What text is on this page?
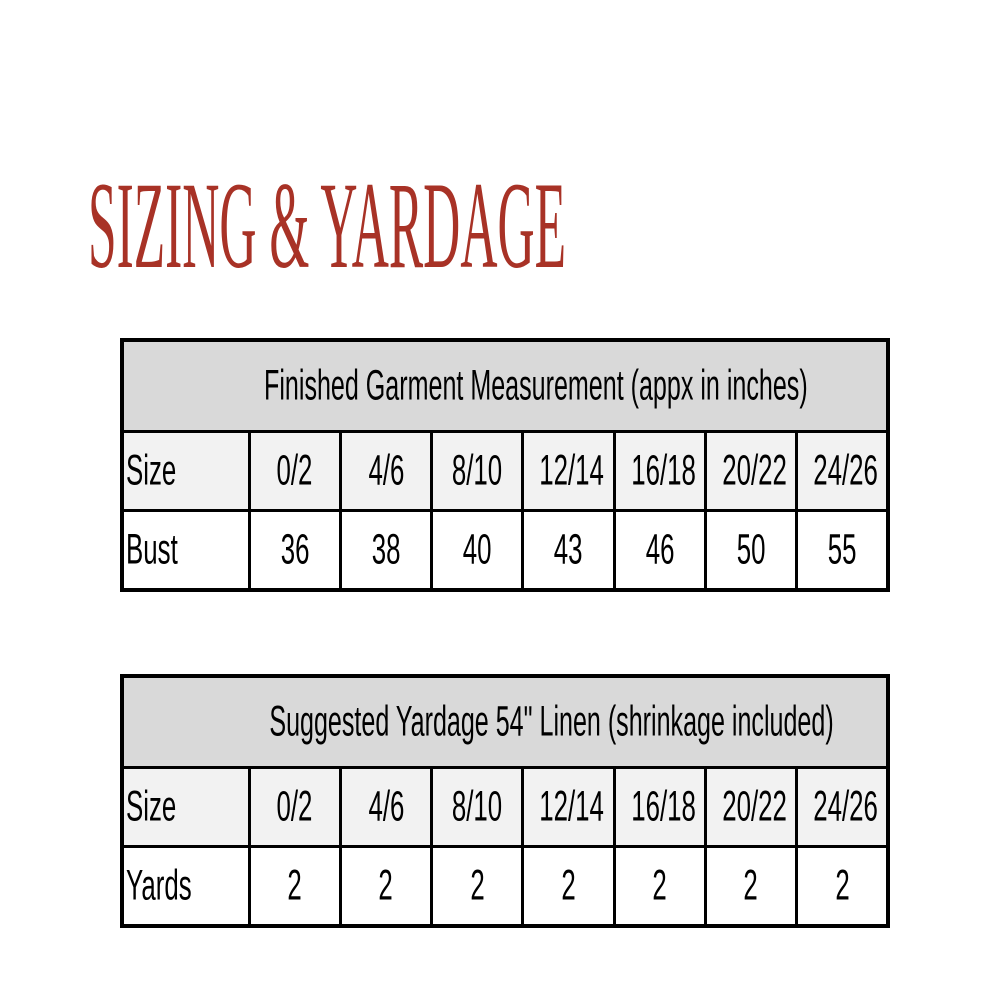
SIZING & YARDAGE
Finished Garment Measurement (appx in inches)							
Size	0/2	4/6	8/10	12/14	16/18	20/22	24/26
Bust	36	38	40	43	46	50	55
Suggested Yardage 54" Linen (shrinkage included)							
Size	0/2	4/6	8/10	12/14	16/18	20/22	24/26
Yards	2	2	2	2	2	2	2
